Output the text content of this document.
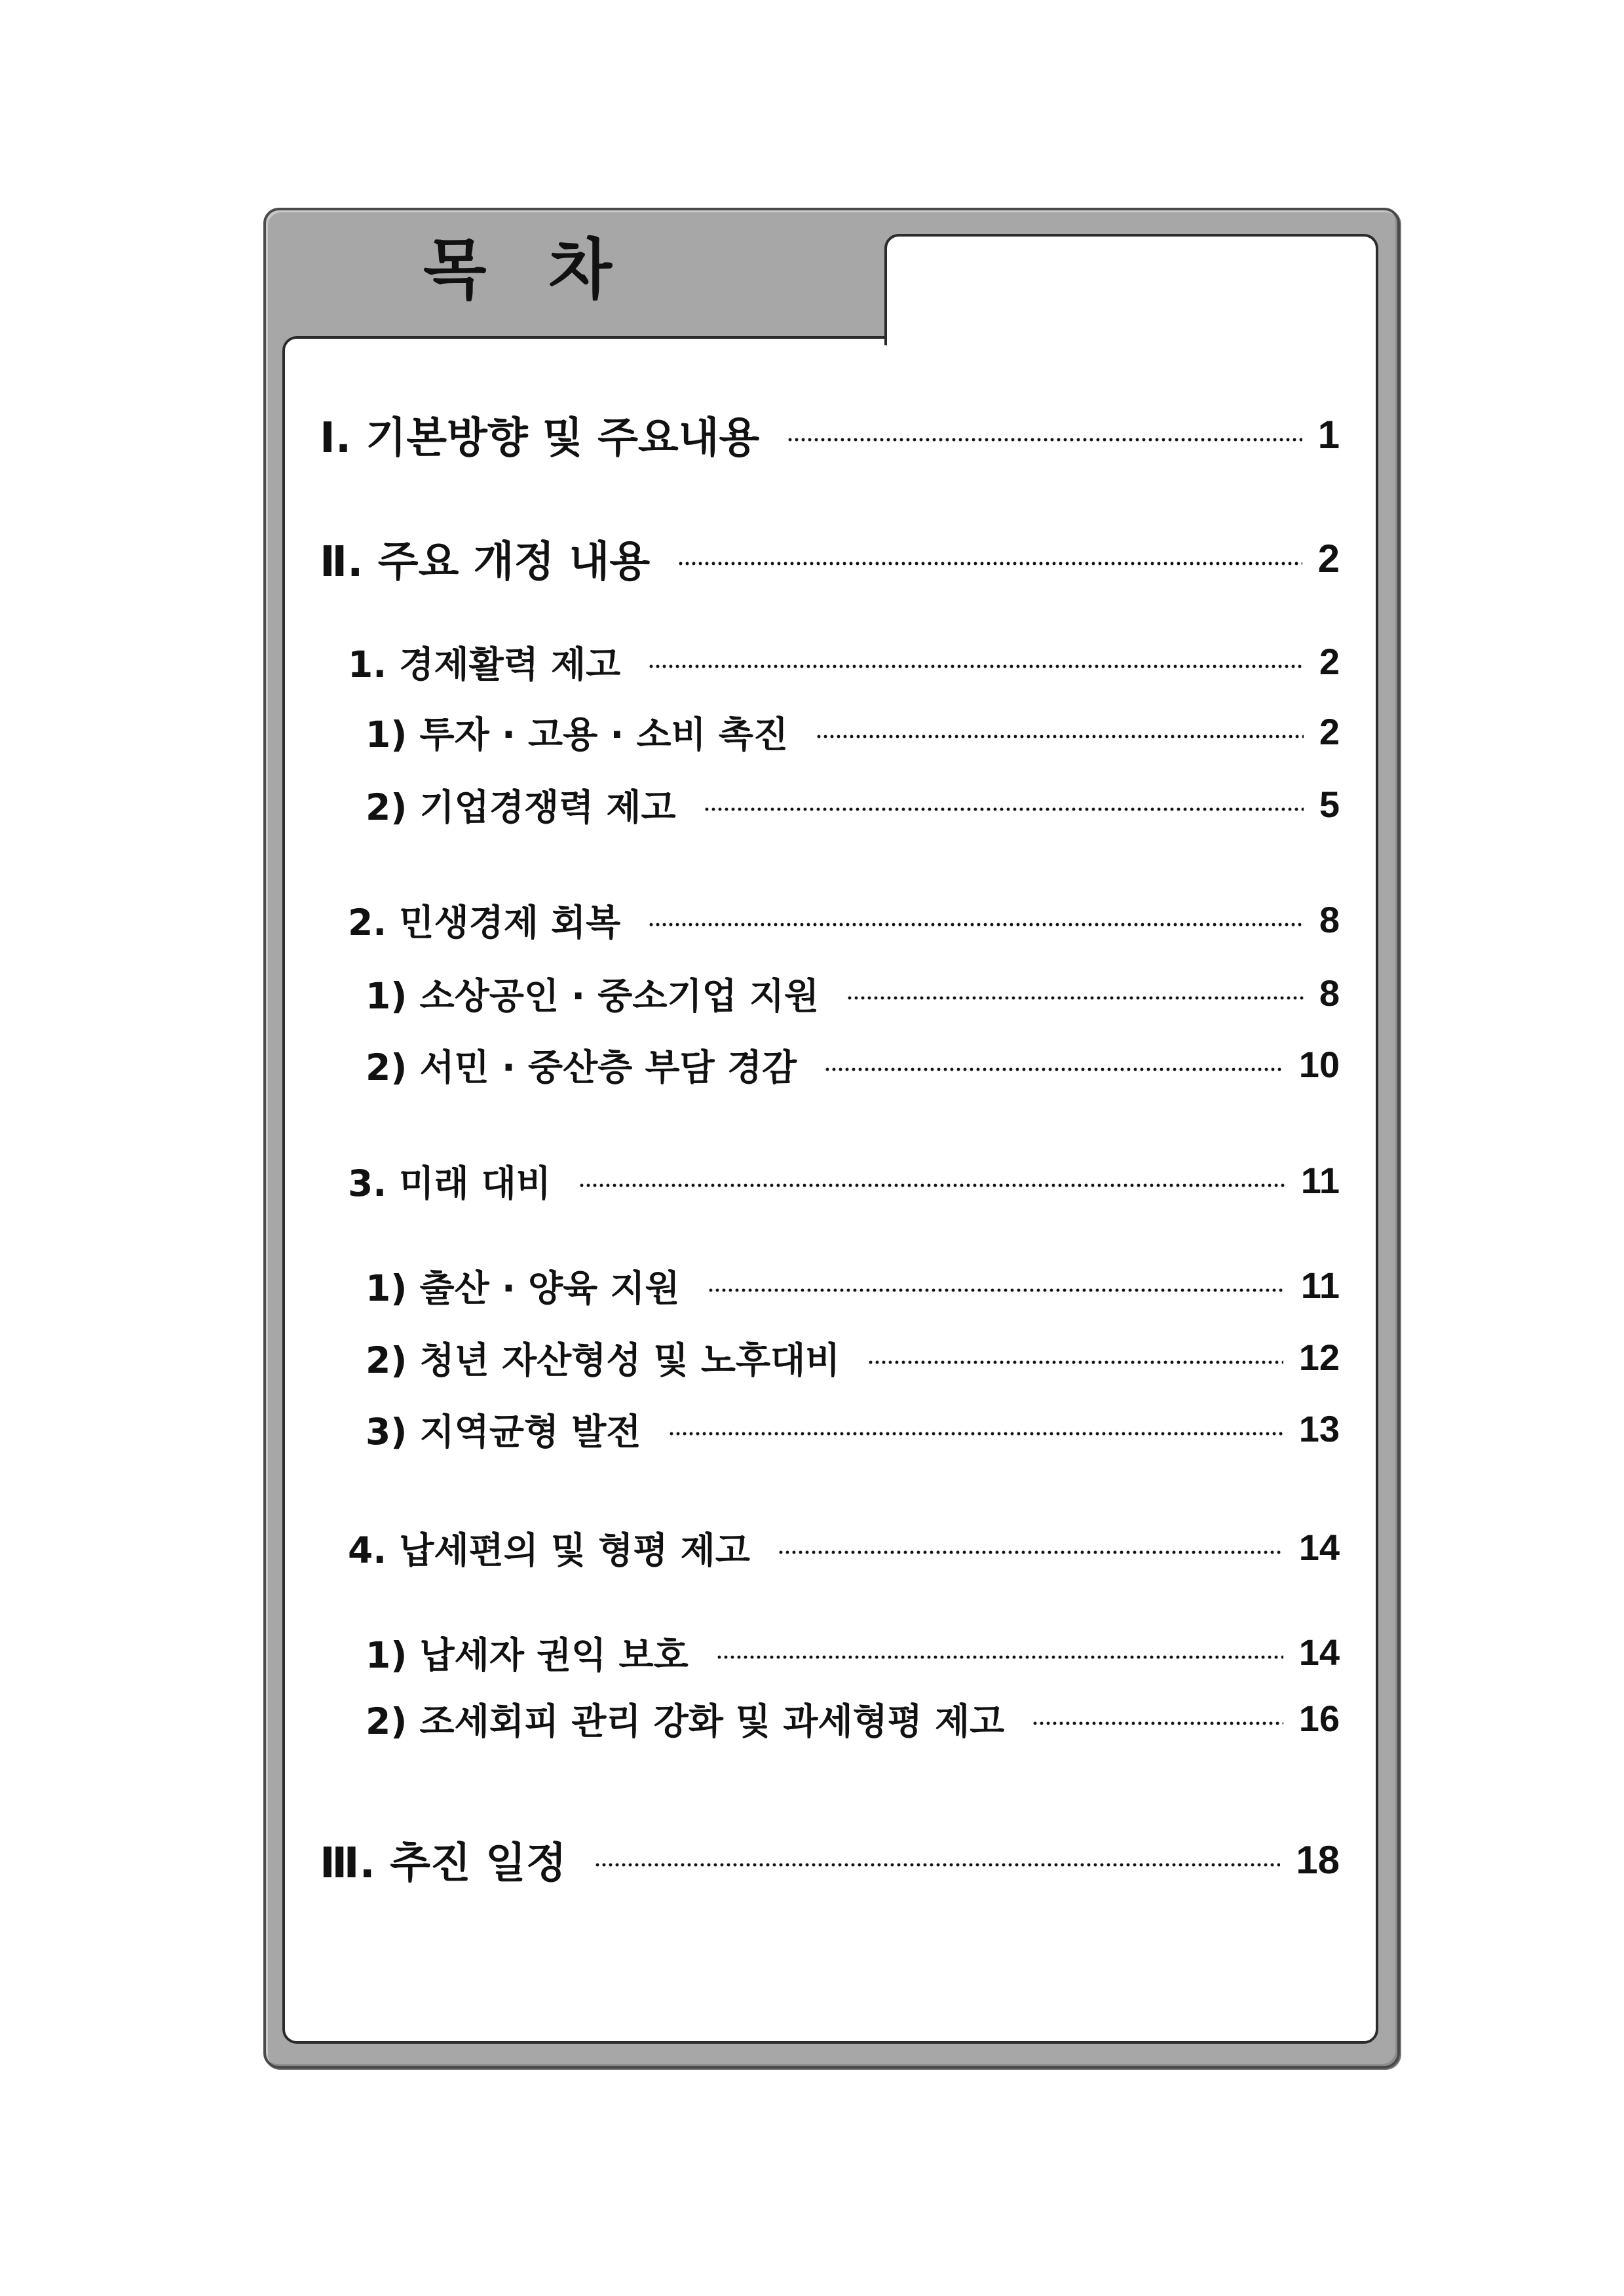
목 차
Ⅰ. 기본방향 및 주요내용	1
Ⅱ. 주요 개정 내용	2
1. 경제활력 제고	2
1) 투자 · 고용 · 소비 촉진	2
2) 기업경쟁력 제고	5
2. 민생경제 회복	8
1) 소상공인 · 중소기업 지원	8
2) 서민 · 중산층 부담 경감	10
3. 미래 대비	11
1) 출산 · 양육 지원	11
2) 청년 자산형성 및 노후대비	12
3) 지역균형 발전	13
4. 납세편의 및 형평 제고	14
1) 납세자 권익 보호	14
2) 조세회피 관리 강화 및 과세형평 제고	16
Ⅲ. 추진 일정	18
